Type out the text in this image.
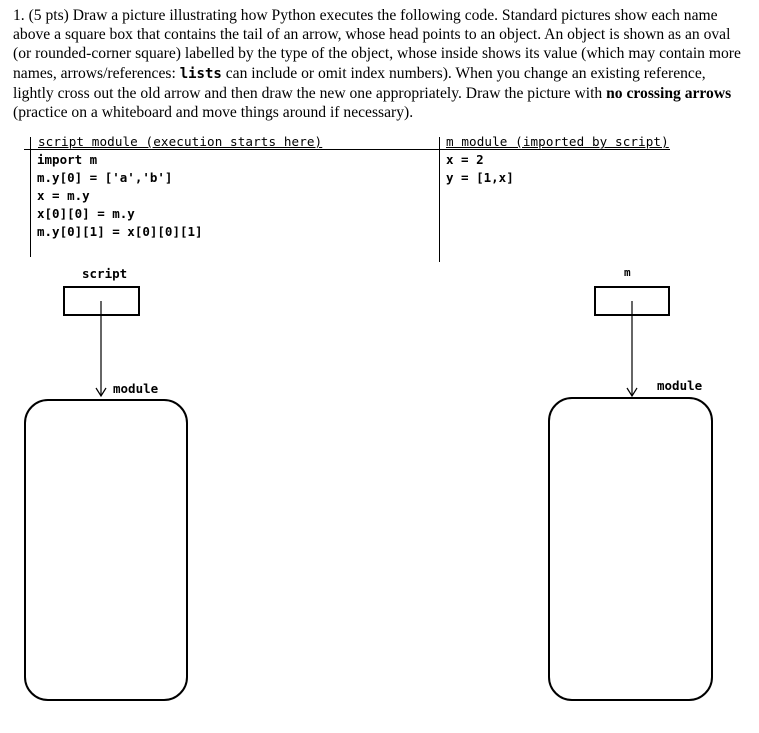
1. (5 pts) Draw a picture illustrating how Python executes the following code. Standard pictures show each name above a square box that contains the tail of an arrow, whose head points to an object. An object is shown as an oval (or rounded-corner square) labelled by the type of the object, whose inside shows its value (which may contain more names, arrows/references: lists can include or omit index numbers). When you change an existing reference, lightly cross out the old arrow and then draw the new one appropriately. Draw the picture with no crossing arrows (practice on a whiteboard and move things around if necessary).

script module (execution starts here)
import m
m.y[0] = ['a','b']
x = m.y
x[0][0] = m.y
m.y[0][1] = x[0][0][1]
m module (imported by script)
x = 2
y = [1,x]
script
module
m
module
